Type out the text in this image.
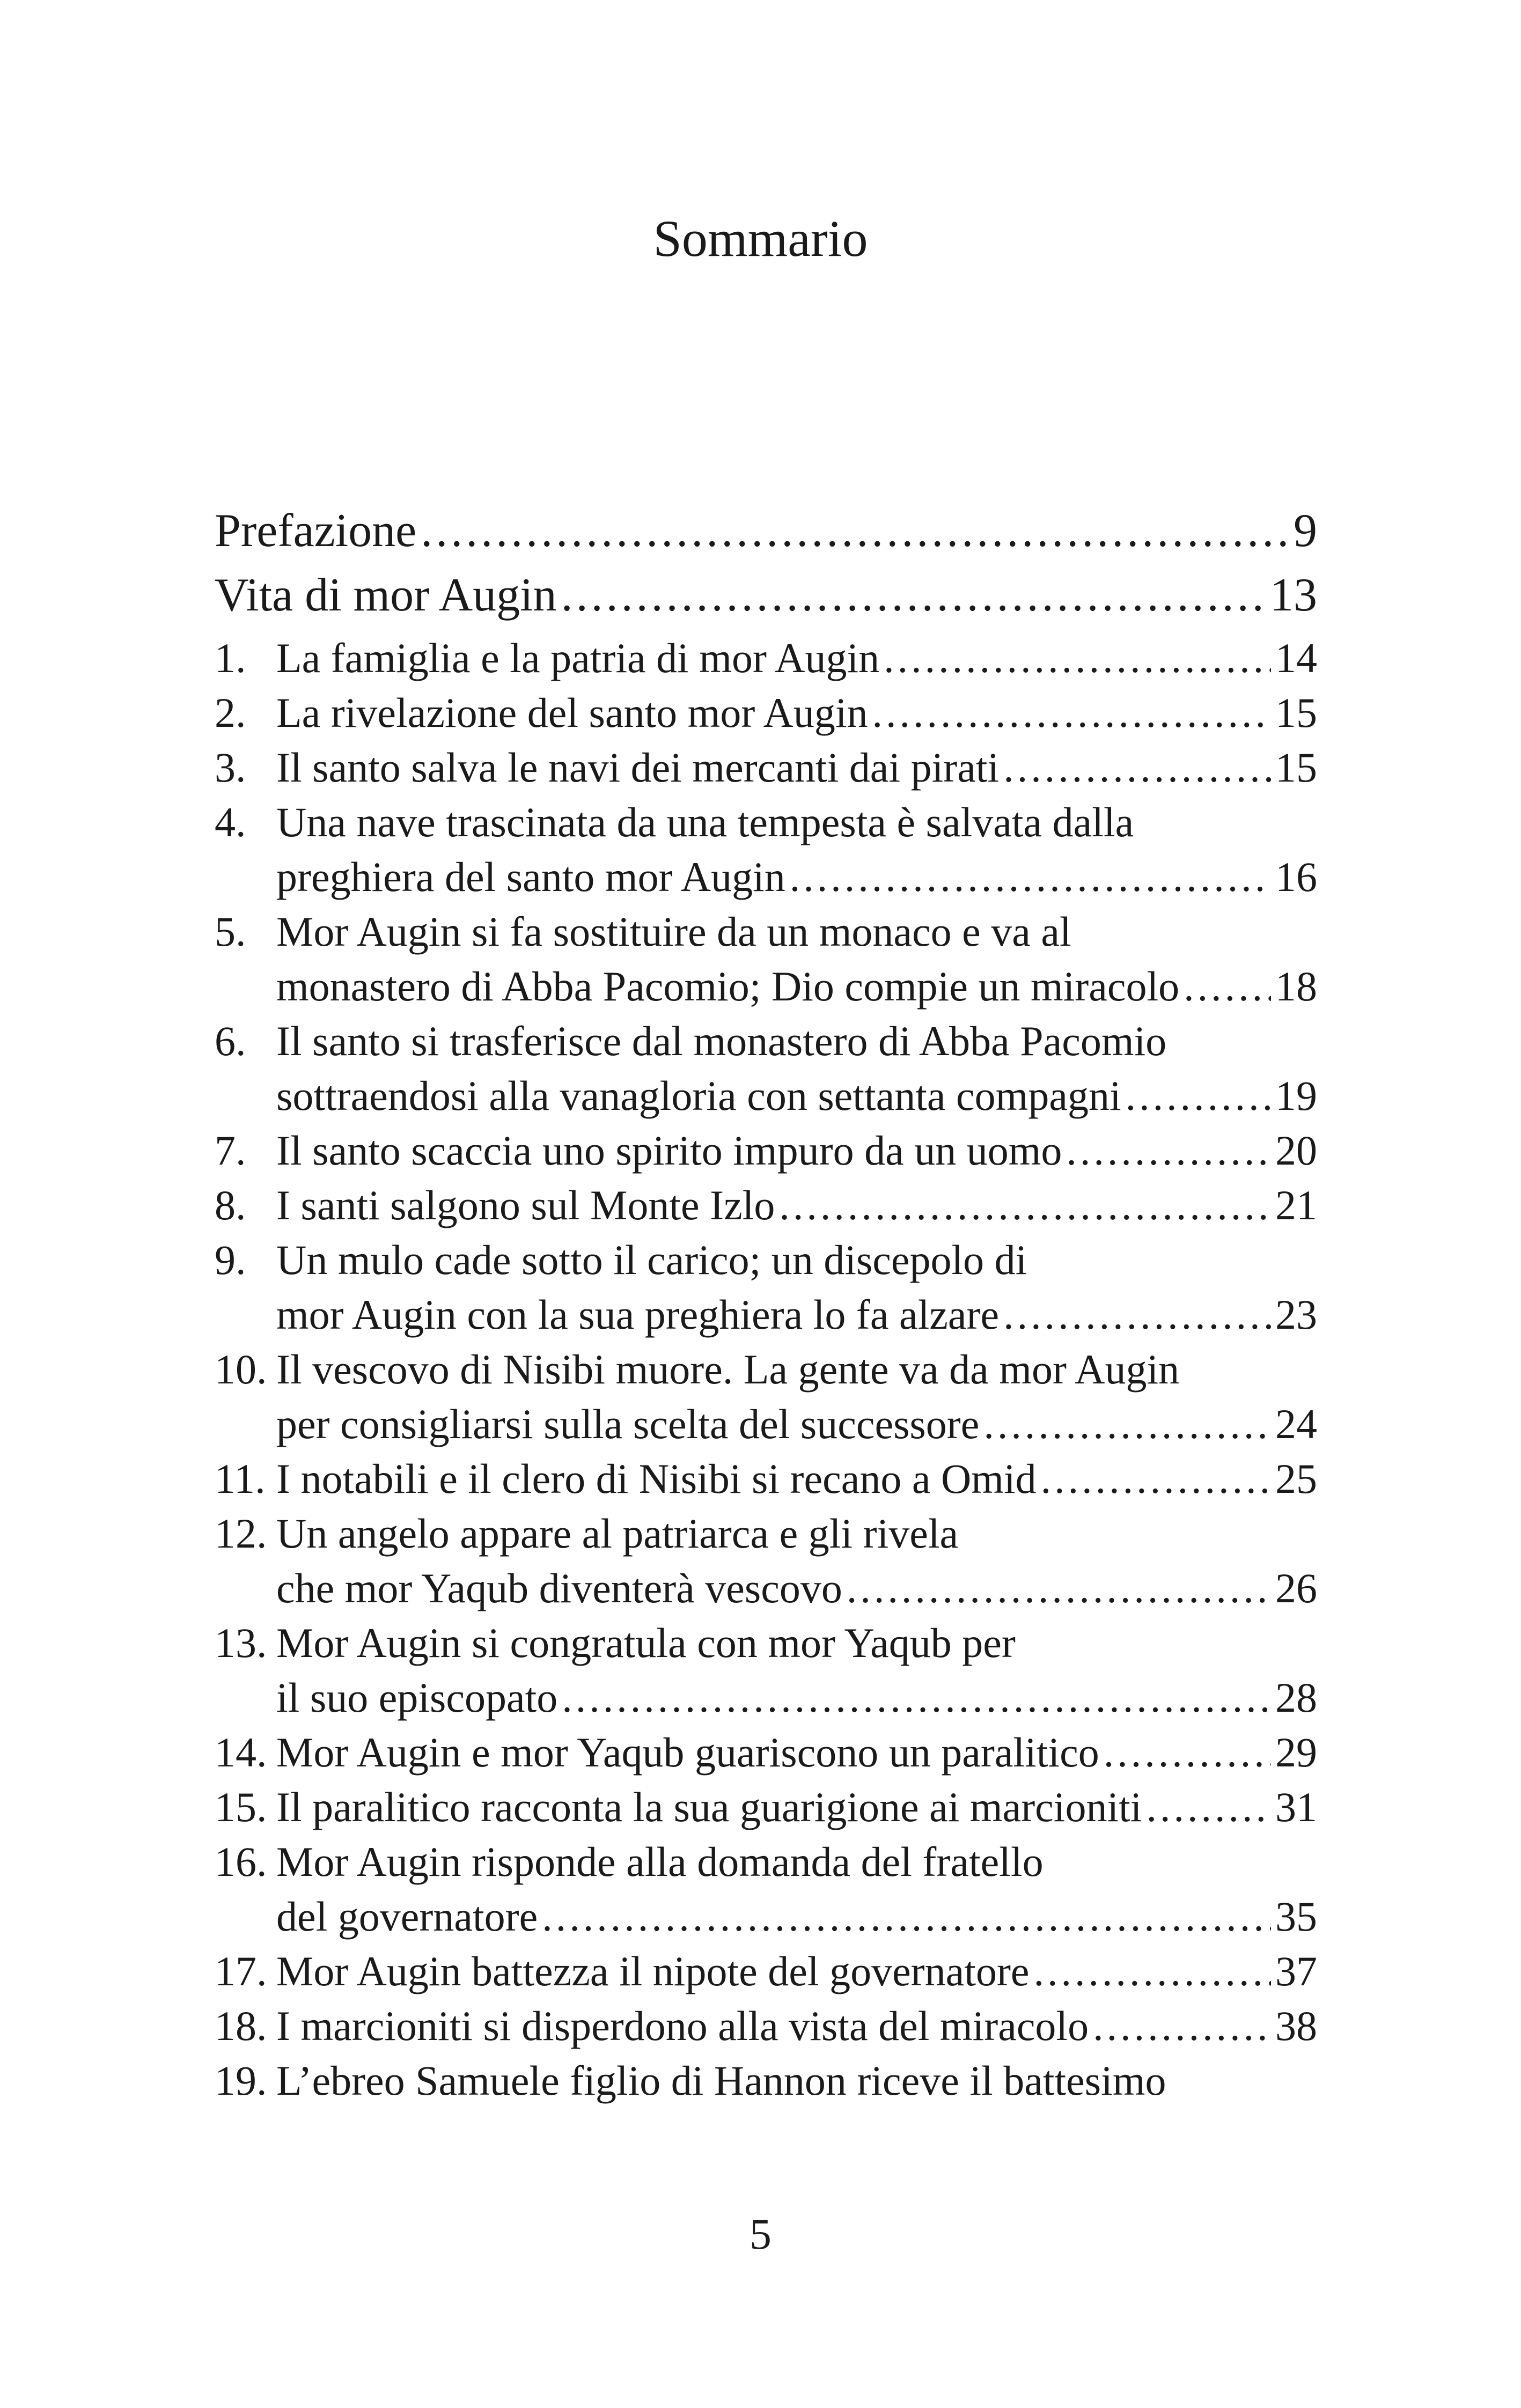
Sommario
Prefazione .....	9
Vita di mor Augin .....	13
1. La famiglia e la patria di mor Augin .....	14
2. La rivelazione del santo mor Augin .....	15
3. Il santo salva le navi dei mercanti dai pirati .....	15
4. Una nave trascinata da una tempesta è salvata dalla
preghiera del santo mor Augin .....	16
5. Mor Augin si fa sostituire da un monaco e va al
monastero di Abba Pacomio; Dio compie un miracolo ..... 18
6. Il santo si trasferisce dal monastero di Abba Pacomio
sottraendosi alla vanagloria con settanta compagni .....	19
7. Il santo scaccia uno spirito impuro da un uomo .....	20
8. I santi salgono sul Monte Izlo .....	21
9. Un mulo cade sotto il carico; un discepolo di
mor Augin con la sua preghiera lo fa alzare .....	23
10. Il vescovo di Nisibi muore. La gente va da mor Augin
per consigliarsi sulla scelta del successore .....	24
11. I notabili e il clero di Nisibi si recano a Omid .....	25
12. Un angelo appare al patriarca e gli rivela
che mor Yaqub diventerà vescovo .....	26
13. Mor Augin si congratula con mor Yaqub per
il suo episcopato .....	28
14. Mor Augin e mor Yaqub guariscono un paralitico .....	29
15. Il paralitico racconta la sua guarigione ai marcioniti .....	31
16. Mor Augin risponde alla domanda del fratello
del governatore .....	35
17. Mor Augin battezza il nipote del governatore .....	37
18. I marcioniti si disperdono alla vista del miracolo .....	38
19. L’ebreo Samuele figlio di Hannon riceve il battesimo
5
